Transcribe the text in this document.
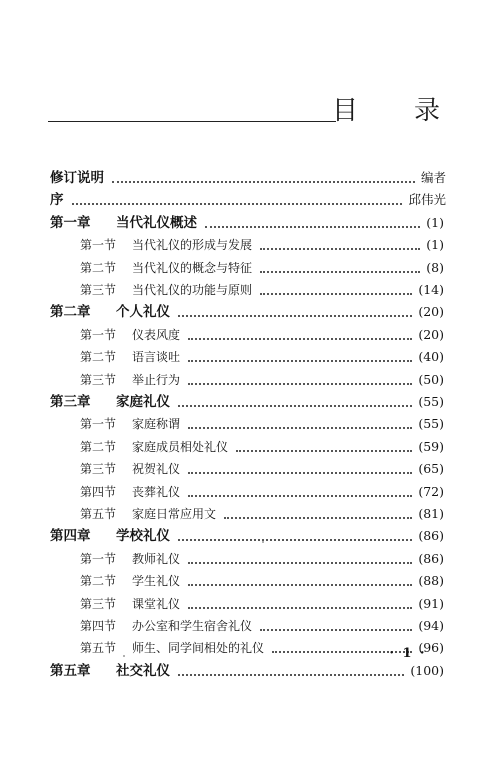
目 录
修订说明	编者
序	邱伟光
第一章 当代礼仪概述	(1)
第一节 当代礼仪的形成与发展	(1)
第二节 当代礼仪的概念与特征	(8)
第三节 当代礼仪的功能与原则	(14)
第二章 个人礼仪	(20)
第一节 仪表风度	(20)
第二节 语言谈吐	(40)
第三节 举止行为	(50)
第三章 家庭礼仪	(55)
第一节 家庭称谓	(55)
第二节 家庭成员相处礼仪	(59)
第三节 祝贺礼仪	(65)
第四节 丧葬礼仪	(72)
第五节 家庭日常应用文	(81)
第四章 学校礼仪	(86)
第一节 教师礼仪	(86)
第二节 学生礼仪	(88)
第三节 课堂礼仪	(91)
第四节 办公室和学生宿舍礼仪	(94)
第五节 师生、同学间相处的礼仪	(96)
第五章 社交礼仪	(100)
· 1 ·
